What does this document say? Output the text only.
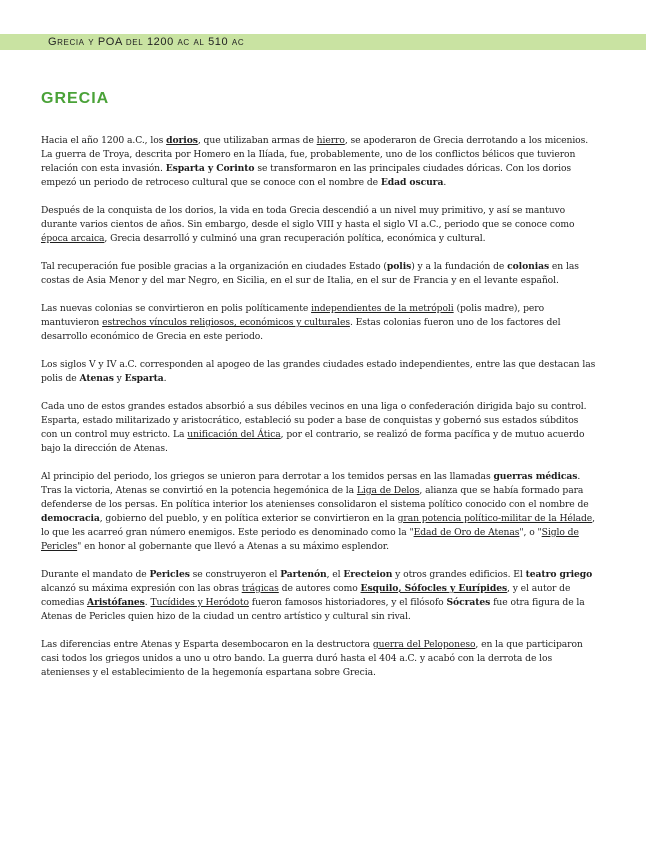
Grecia y POA del 1200 ac al 510 ac
GRECIA

Hacia el año 1200 a.C., los dorios, que utilizaban armas de hierro, se apoderaron de Grecia derrotando a los micenios. La guerra de Troya, descrita por Homero en la Ilíada, fue, probablemente, uno de los conflictos bélicos que tuvieron relación con esta invasión. Esparta y Corinto se transformaron en las principales ciudades dóricas. Con los dorios empezó un periodo de retroceso cultural que se conoce con el nombre de Edad oscura.

Después de la conquista de los dorios, la vida en toda Grecia descendió a un nivel muy primitivo, y así se mantuvo durante varios cientos de años. Sin embargo, desde el siglo VIII y hasta el siglo VI a.C., periodo que se conoce como época arcaica, Grecia desarrolló y culminó una gran recuperación política, económica y cultural.

Tal recuperación fue posible gracias a la organización en ciudades Estado (polis) y a la fundación de colonias en las costas de Asia Menor y del mar Negro, en Sicilia, en el sur de Italia, en el sur de Francia y en el levante español.

Las nuevas colonias se convirtieron en polis políticamente independientes de la metrópoli (polis madre), pero mantuvieron estrechos vínculos religiosos, económicos y culturales. Estas colonias fueron uno de los factores del desarrollo económico de Grecia en este periodo.

Los siglos V y IV a.C. corresponden al apogeo de las grandes ciudades estado independientes, entre las que destacan las polis de Atenas y Esparta.

Cada uno de estos grandes estados absorbió a sus débiles vecinos en una liga o confederación dirigida bajo su control. Esparta, estado militarizado y aristocrático, estableció su poder a base de conquistas y gobernó sus estados súbditos con un control muy estricto. La unificación del Ática, por el contrario, se realizó de forma pacífica y de mutuo acuerdo bajo la dirección de Atenas.

Al principio del periodo, los griegos se unieron para derrotar a los temidos persas en las llamadas guerras médicas. Tras la victoria, Atenas se convirtió en la potencia hegemónica de la Liga de Delos, alianza que se había formado para defenderse de los persas. En política interior los atenienses consolidaron el sistema político conocido con el nombre de democracia, gobierno del pueblo, y en política exterior se convirtieron en la gran potencia político-militar de la Hélade, lo que les acarreó gran número enemigos. Este periodo es denominado como la "Edad de Oro de Atenas", o "Siglo de Pericles" en honor al gobernante que llevó a Atenas a su máximo esplendor.

Durante el mandato de Pericles se construyeron el Partenón, el Erecteion y otros grandes edificios. El teatro griego alcanzó su máxima expresión con las obras trágicas de autores como Esquilo, Sófocles y Eurípides, y el autor de comedias Aristófanes. Tucídides y Heródoto fueron famosos historiadores, y el filósofo Sócrates fue otra figura de la Atenas de Pericles quien hizo de la ciudad un centro artístico y cultural sin rival.

Las diferencias entre Atenas y Esparta desembocaron en la destructora guerra del Peloponeso, en la que participaron casi todos los griegos unidos a uno u otro bando. La guerra duró hasta el 404 a.C. y acabó con la derrota de los atenienses y el establecimiento de la hegemonía espartana sobre Grecia.
